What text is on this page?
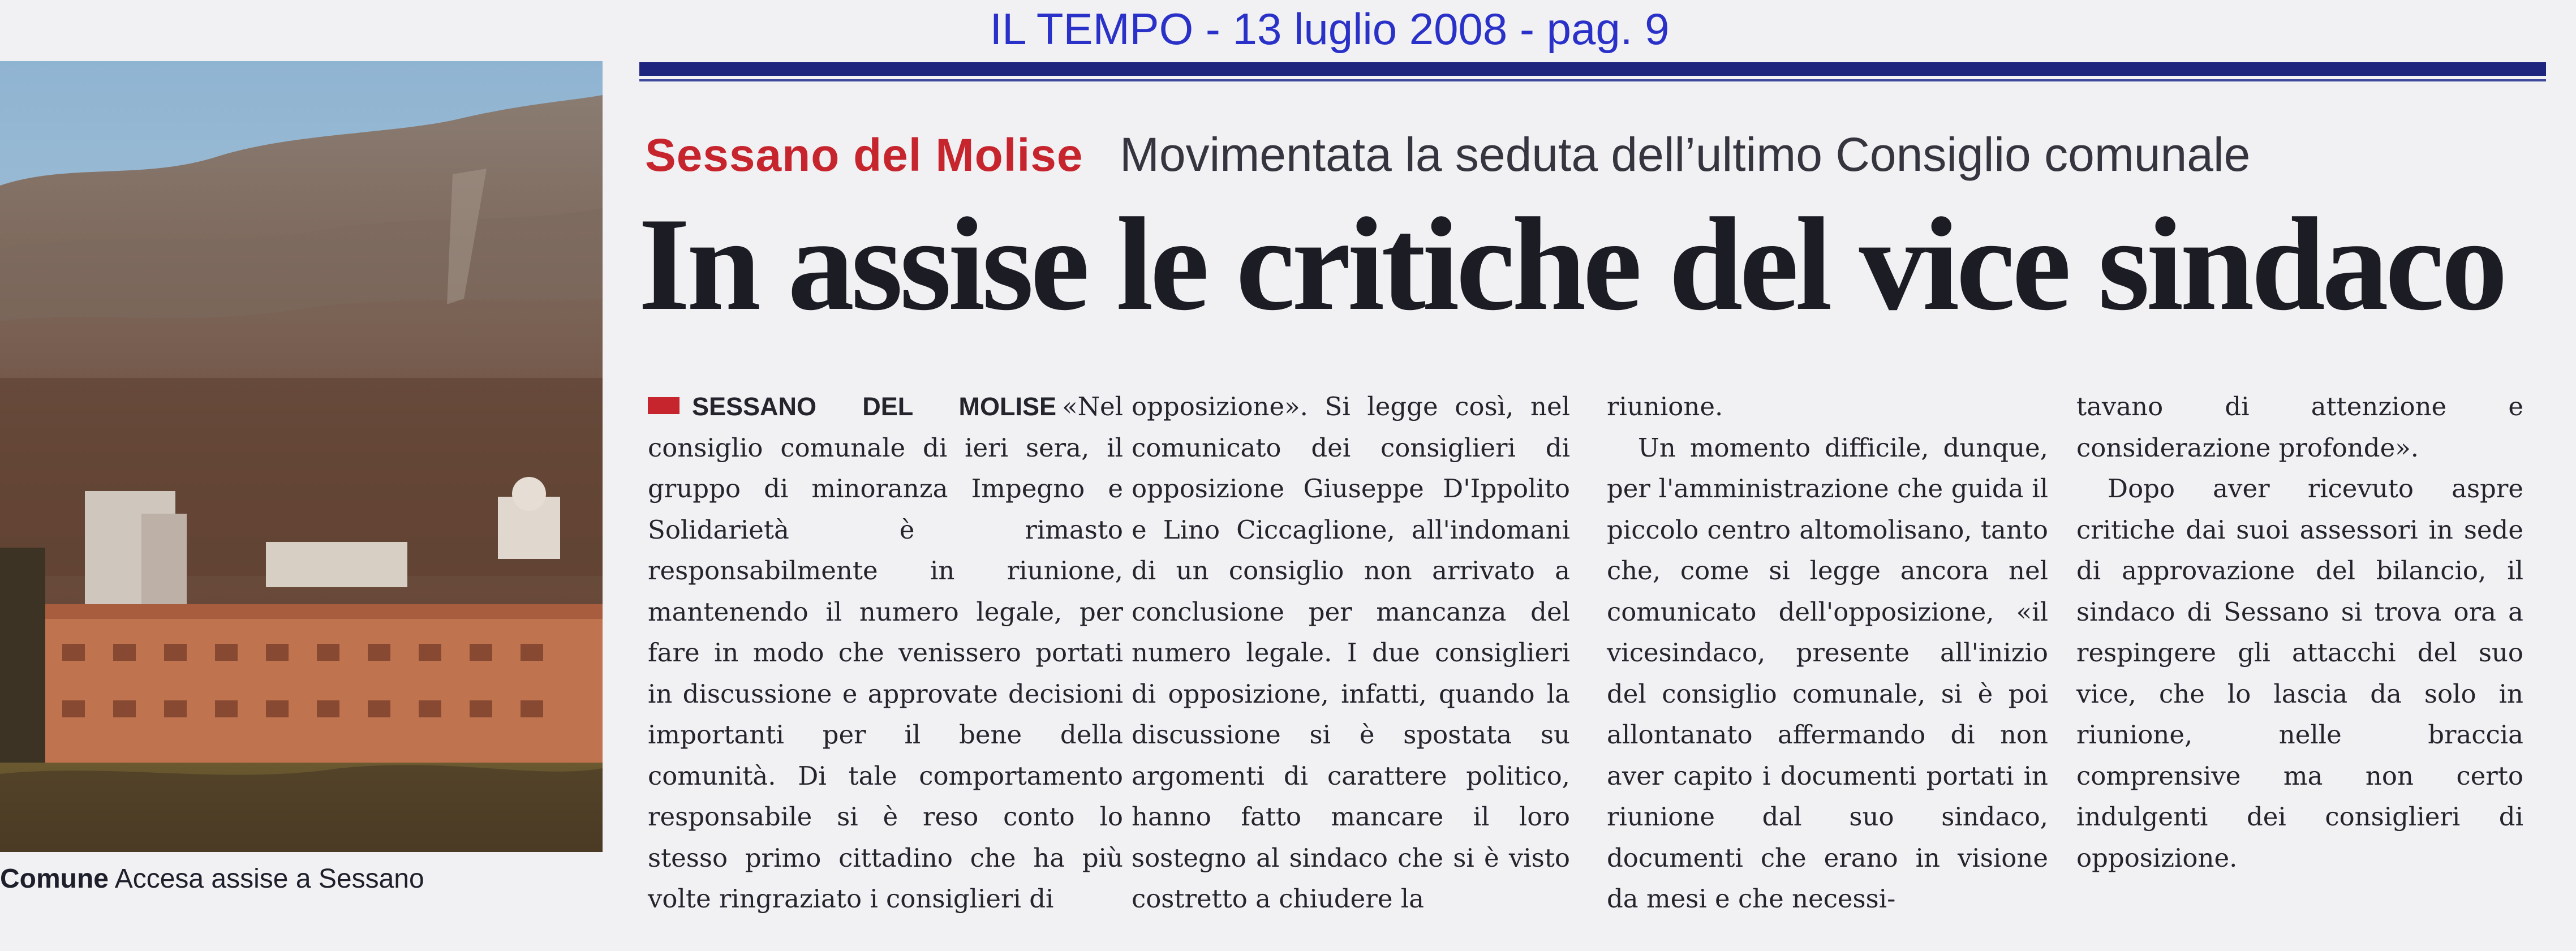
IL TEMPO - 13 luglio 2008 - pag. 9
Comune Accesa assise a Sessano
Sessano del Molise Movimentata la seduta dell’ultimo Consiglio comunale
In assise le critiche del vice sindaco

SESSANO DEL MOLISE «Nel consiglio comunale di ieri sera, il gruppo di minoranza Impegno e Solidarietà è rimasto responsabilmente in riunione, mantenendo il numero legale, per fare in modo che venissero portati in discussione e approvate decisioni importanti per il bene della comunità. Di tale comportamento responsabile si è reso conto lo stesso primo cittadino che ha più volte ringraziato i consiglieri di

opposizione». Si legge così, nel comunicato dei consiglieri di opposizione Giuseppe D'Ippolito e Lino Ciccaglione, all'indomani di un consiglio non arrivato a conclusione per mancanza del numero legale. I due consiglieri di opposizione, infatti, quando la discussione si è spostata su argomenti di carattere politico, hanno fatto mancare il loro sostegno al sindaco che si è visto costretto a chiudere la

riunione.

Un momento difficile, dunque, per l'amministrazione che guida il piccolo centro altomolisano, tanto che, come si legge ancora nel comunicato dell'opposizione, «il vicesindaco, presente all'inizio del consiglio comunale, si è poi allontanato affermando di non aver capito i documenti portati in riunione dal suo sindaco, documenti che erano in visione da mesi e che necessi-

tavano di attenzione e considerazione profonde».

Dopo aver ricevuto aspre critiche dai suoi assessori in sede di approvazione del bilancio, il sindaco di Sessano si trova ora a respingere gli attacchi del suo vice, che lo lascia da solo in riunione, nelle braccia comprensive ma non certo indulgenti dei consiglieri di opposizione.
